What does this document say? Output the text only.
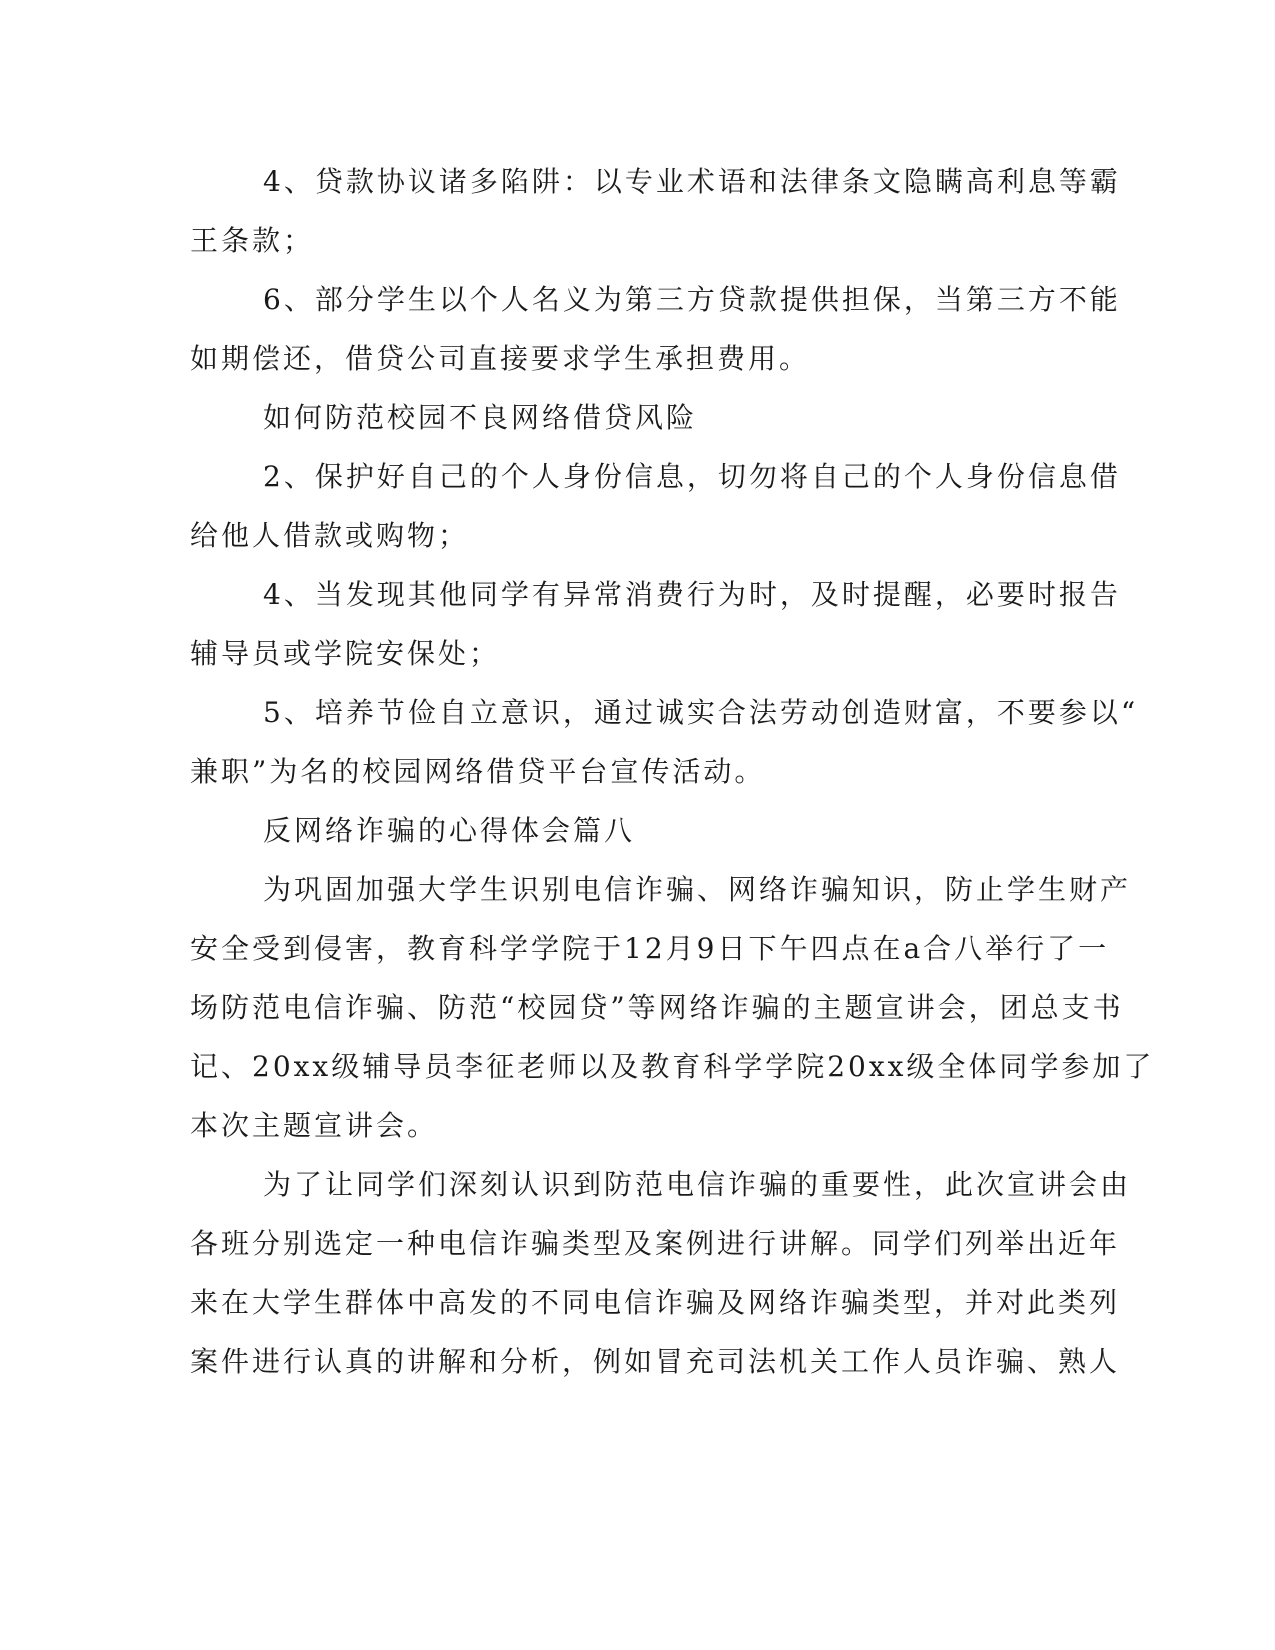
4、贷款协议诸多陷阱：以专业术语和法律条文隐瞒高利息等霸
王条款；
6、部分学生以个人名义为第三方贷款提供担保，当第三方不能
如期偿还，借贷公司直接要求学生承担费用。
如何防范校园不良网络借贷风险
2、保护好自己的个人身份信息，切勿将自己的个人身份信息借
给他人借款或购物；
4、当发现其他同学有异常消费行为时，及时提醒，必要时报告
辅导员或学院安保处；
5、培养节俭自立意识，通过诚实合法劳动创造财富，不要参以“
兼职”为名的校园网络借贷平台宣传活动。
反网络诈骗的心得体会篇八
为巩固加强大学生识别电信诈骗、网络诈骗知识，防止学生财产
安全受到侵害，教育科学学院于12月9日下午四点在a合八举行了一
场防范电信诈骗、防范“校园贷”等网络诈骗的主题宣讲会，团总支书
记、20xx级辅导员李征老师以及教育科学学院20xx级全体同学参加了
本次主题宣讲会。
为了让同学们深刻认识到防范电信诈骗的重要性，此次宣讲会由
各班分别选定一种电信诈骗类型及案例进行讲解。同学们列举出近年
来在大学生群体中高发的不同电信诈骗及网络诈骗类型，并对此类列
案件进行认真的讲解和分析，例如冒充司法机关工作人员诈骗、熟人
